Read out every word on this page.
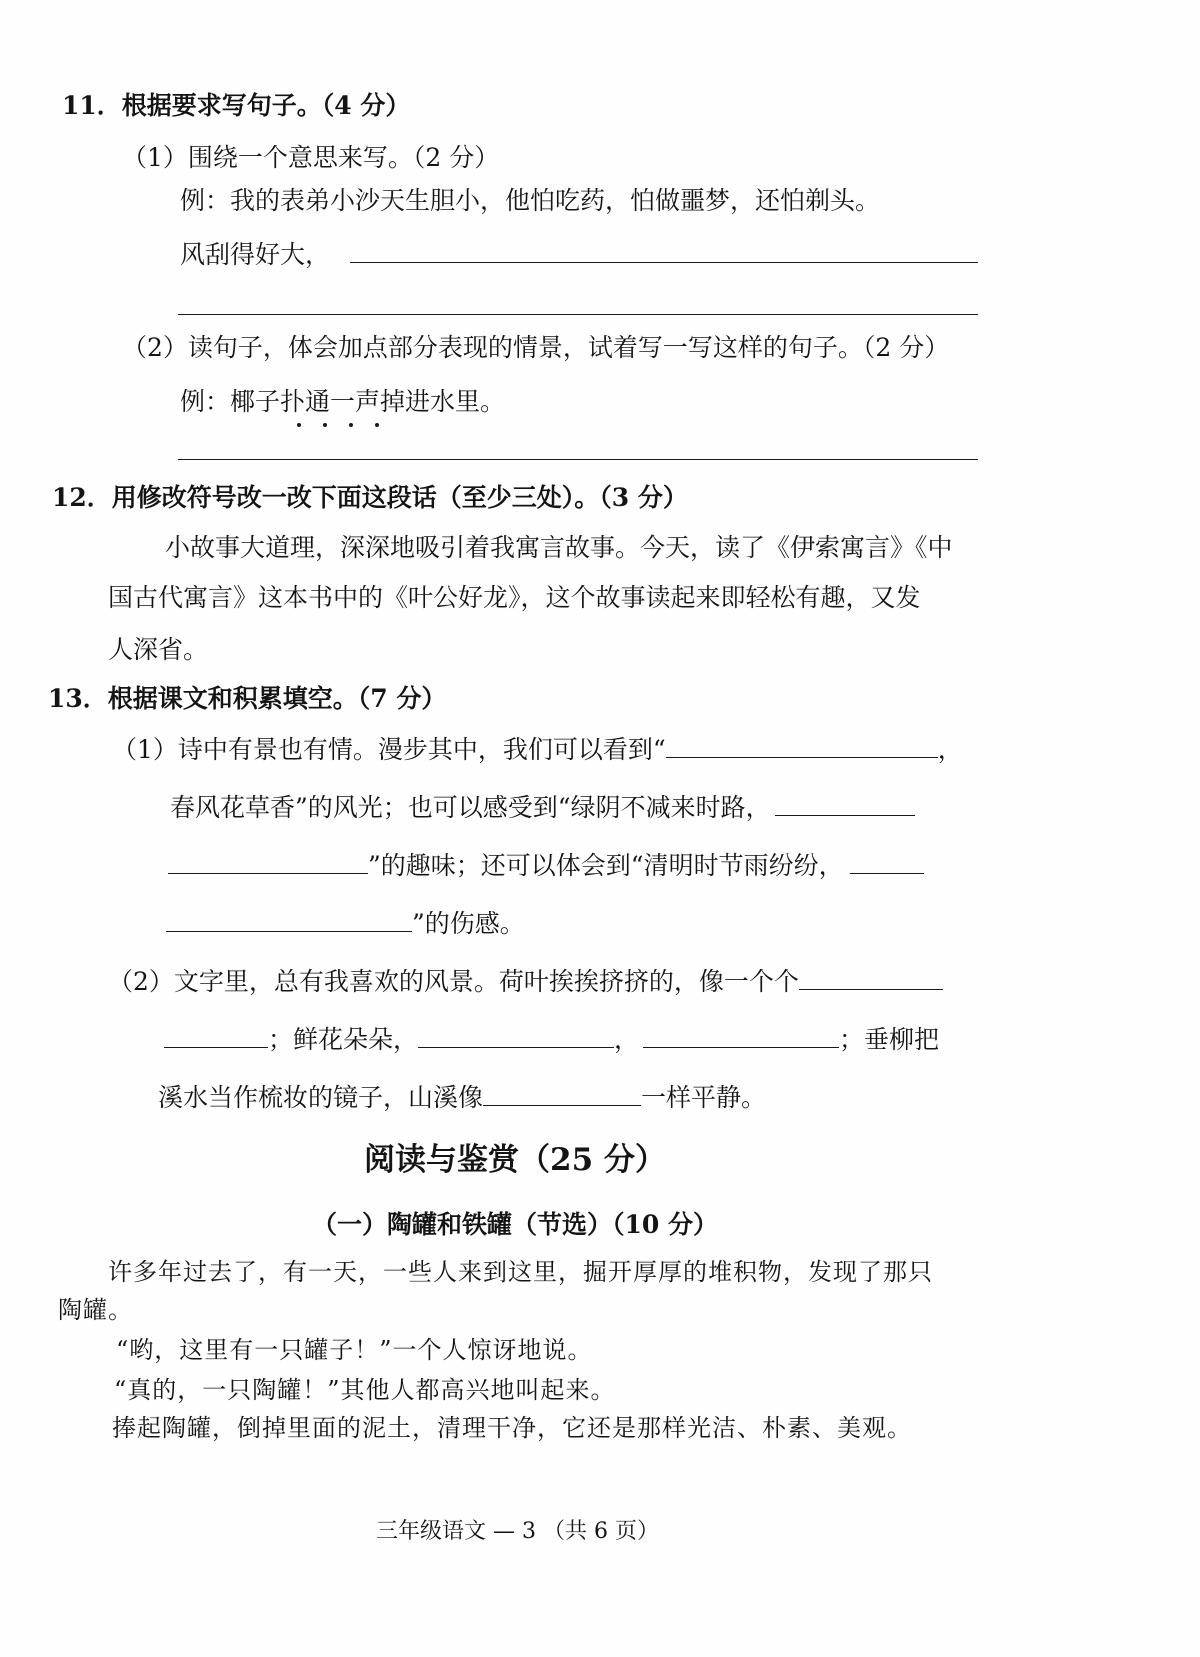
11．根据要求写句子。（4 分）
（1）围绕一个意思来写。（2 分）
例：我的表弟小沙天生胆小，他怕吃药，怕做噩梦，还怕剃头。
风刮得好大，
（2）读句子，体会加点部分表现的情景，试着写一写这样的句子。（2 分）
例：椰子扑通一声掉进水里。
12．用修改符号改一改下面这段话（至少三处）。（3 分）
小故事大道理，深深地吸引着我寓言故事。今天，读了《伊索寓言》《中
国古代寓言》这本书中的《叶公好龙》，这个故事读起来即轻松有趣，又发
人深省。
13．根据课文和积累填空。（7 分）
（1）诗中有景也有情。漫步其中，我们可以看到“	，
春风花草香”的风光；也可以感受到“绿阴不减来时路，
”的趣味；还可以体会到“清明时节雨纷纷，
”的伤感。
（2）文字里，总有我喜欢的风景。荷叶挨挨挤挤的，像一个个
；鲜花朵朵，	，	；垂柳把
溪水当作梳妆的镜子，山溪像	一样平静。
阅读与鉴赏（25 分）
（一）陶罐和铁罐（节选）（10 分）
许多年过去了，有一天，一些人来到这里，掘开厚厚的堆积物，发现了那只
陶罐。
“哟，这里有一只罐子！”一个人惊讶地说。
“真的，一只陶罐！”其他人都高兴地叫起来。
捧起陶罐，倒掉里面的泥土，清理干净，它还是那样光洁、朴素、美观。
三年级语文 — 3 （共 6 页）
